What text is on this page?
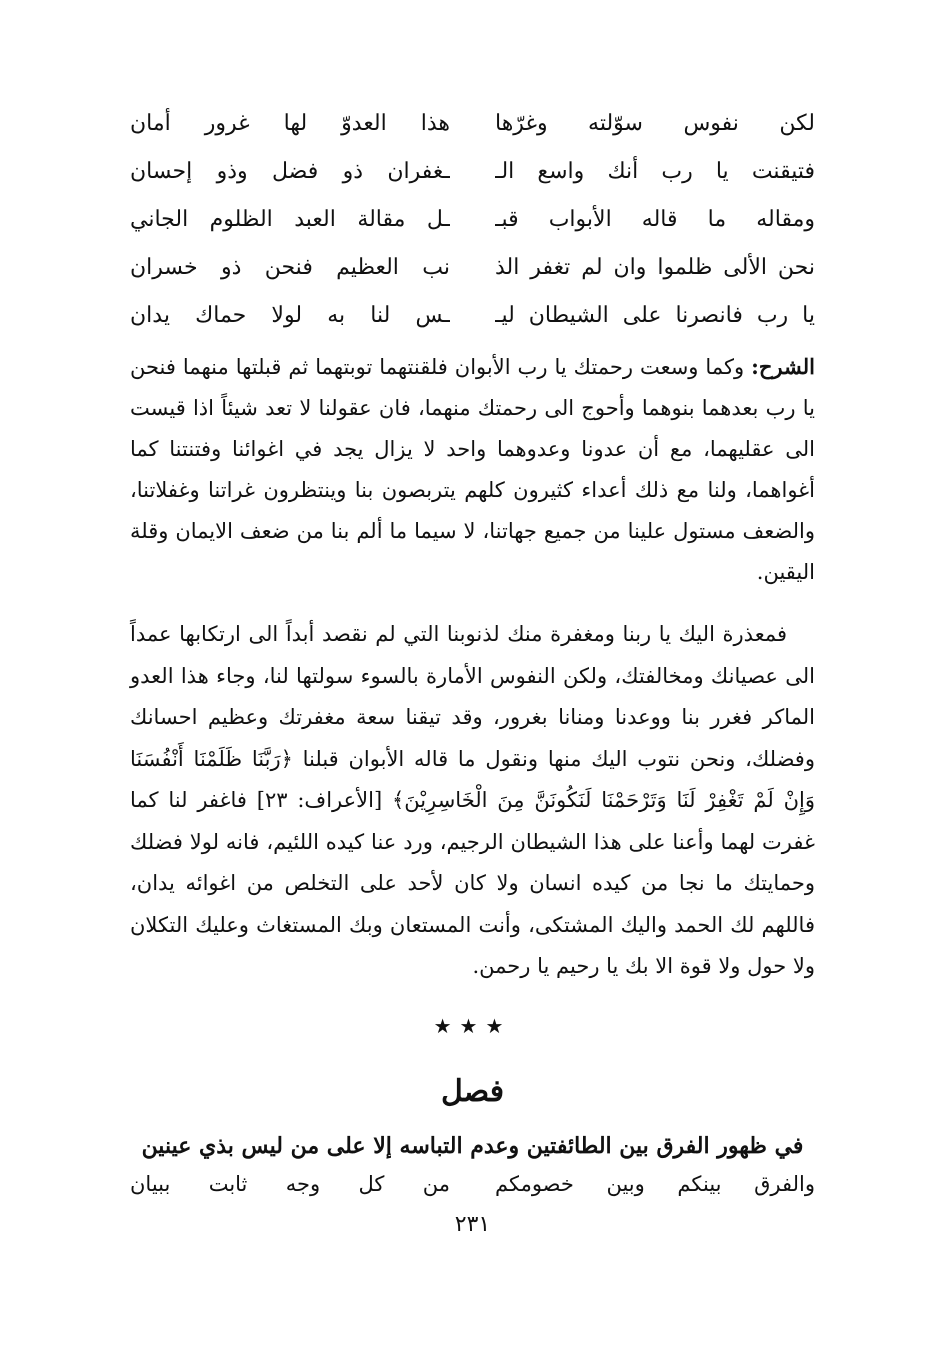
لكن نفوس سوّلته وغرّها
هذا العدوّ لها غرور أمان
فتيقنت يا رب أنك واسع الـ
ـغفران ذو فضل وذو إحسان
ومقاله ما قاله الأبواب قبـ
ـل مقالة العبد الظلوم الجاني
نحن الألى ظلموا وان لم تغفر الذ
نب العظيم فنحن ذو خسران
يا رب فانصرنا على الشيطان ليـ
ـس لنا به لولا حماك يدان

الشرح: وكما وسعت رحمتك يا رب الأبوان فلقنتهما توبتهما ثم قبلتها منهما فنحن يا رب بعدهما بنوهما وأحوج الى رحمتك منهما، فان عقولنا لا تعد شيئاً اذا قيست الى عقليهما، مع أن عدونا وعدوهما واحد لا يزال يجد في اغوائنا وفتنتنا كما أغواهما، ولنا مع ذلك أعداء كثيرون كلهم يتربصون بنا وينتظرون غراتنا وغفلاتنا، والضعف مستول علينا من جميع جهاتنا، لا سيما ما ألم بنا من ضعف الايمان وقلة اليقين.

فمعذرة اليك يا ربنا ومغفرة منك لذنوبنا التي لم نقصد أبداً الى ارتكابها عمداً الى عصيانك ومخالفتك، ولكن النفوس الأمارة بالسوء سولتها لنا، وجاء هذا العدو الماكر فغرر بنا ووعدنا ومنانا بغرور، وقد تيقنا سعة مغفرتك وعظيم احسانك وفضلك، ونحن نتوب اليك منها ونقول ما قاله الأبوان قبلنا ﴿رَبَّنَا ظَلَمْنَا أَنْفُسَنَا وَإِنْ لَمْ تَغْفِرْ لَنَا وَتَرْحَمْنَا لَنَكُونَنَّ مِنَ الْخَاسِرِيْنَ﴾ [الأعراف: ٢٣] فاغفر لنا كما غفرت لهما وأعنا على هذا الشيطان الرجيم، ورد عنا كيده اللئيم، فانه لولا فضلك وحمايتك ما نجا من كيده انسان ولا كان لأحد على التخلص من اغوائه يدان، فاللهم لك الحمد واليك المشتكى، وأنت المستعان وبك المستغاث وعليك التكلان ولا حول ولا قوة الا بك يا رحيم يا رحمن.

★★★
فصل
في ظهور الفرق بين الطائفتين وعدم التباسه إلا على من ليس بذي عينين
والفرق بينكم وبين خصومكم
من كل وجه ثابت ببيان
٢٣١
